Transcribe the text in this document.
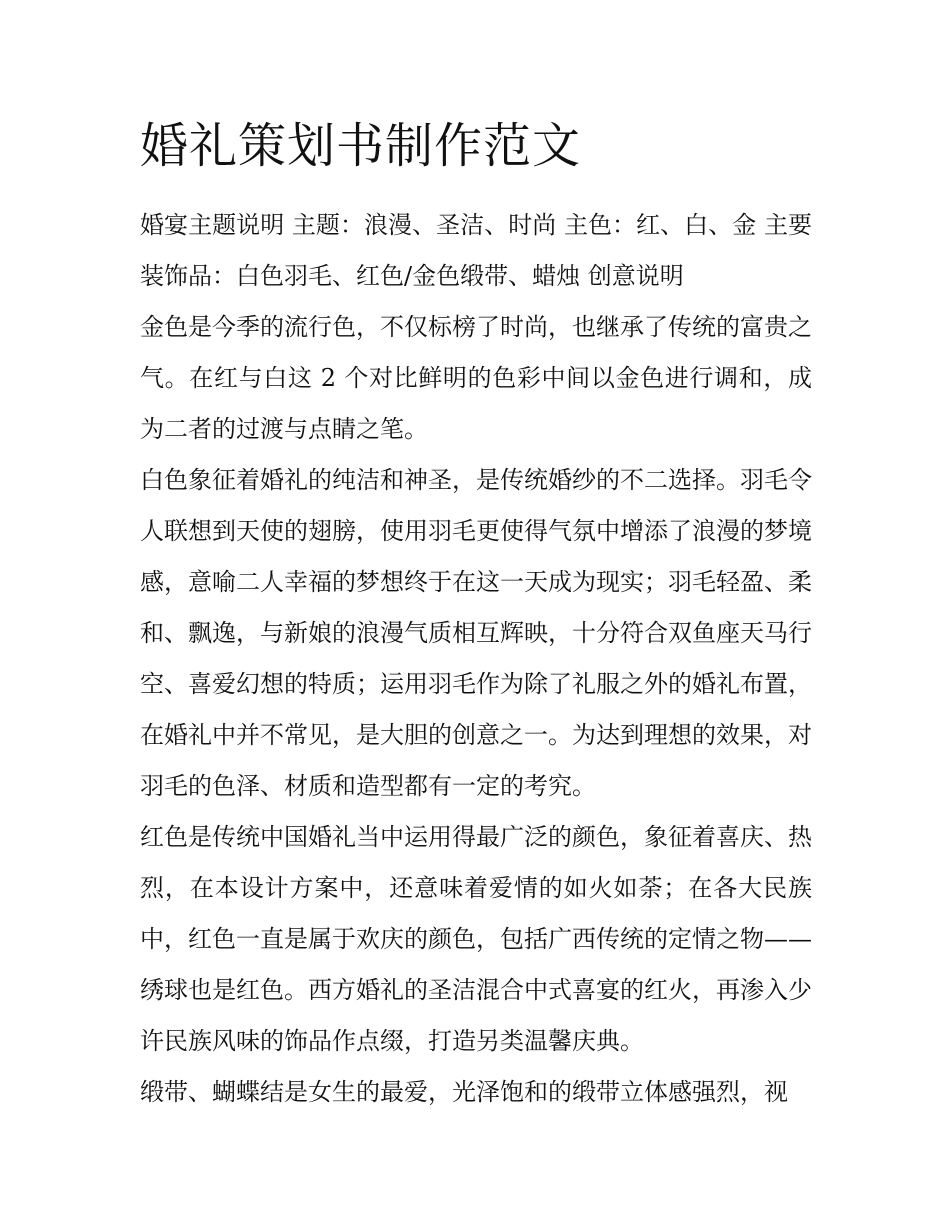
婚礼策划书制作范文

婚宴主题说明 主题：浪漫、圣洁、时尚 主色：红、白、金 主要装饰品：白色羽毛、红色/金色缎带、蜡烛 创意说明

金色是今季的流行色，不仅标榜了时尚，也继承了传统的富贵之气。在红与白这 2 个对比鲜明的色彩中间以金色进行调和，成为二者的过渡与点睛之笔。

白色象征着婚礼的纯洁和神圣，是传统婚纱的不二选择。羽毛令人联想到天使的翅膀，使用羽毛更使得气氛中增添了浪漫的梦境感，意喻二人幸福的梦想终于在这一天成为现实；羽毛轻盈、柔和、飘逸，与新娘的浪漫气质相互辉映，十分符合双鱼座天马行空、喜爱幻想的特质；运用羽毛作为除了礼服之外的婚礼布置，在婚礼中并不常见，是大胆的创意之一。为达到理想的效果，对羽毛的色泽、材质和造型都有一定的考究。

红色是传统中国婚礼当中运用得最广泛的颜色，象征着喜庆、热烈，在本设计方案中，还意味着爱情的如火如荼；在各大民族中，红色一直是属于欢庆的颜色，包括广西传统的定情之物——绣球也是红色。西方婚礼的圣洁混合中式喜宴的红火，再渗入少许民族风味的饰品作点缀，打造另类温馨庆典。

缎带、蝴蝶结是女生的最爱，光泽饱和的缎带立体感强烈，视
